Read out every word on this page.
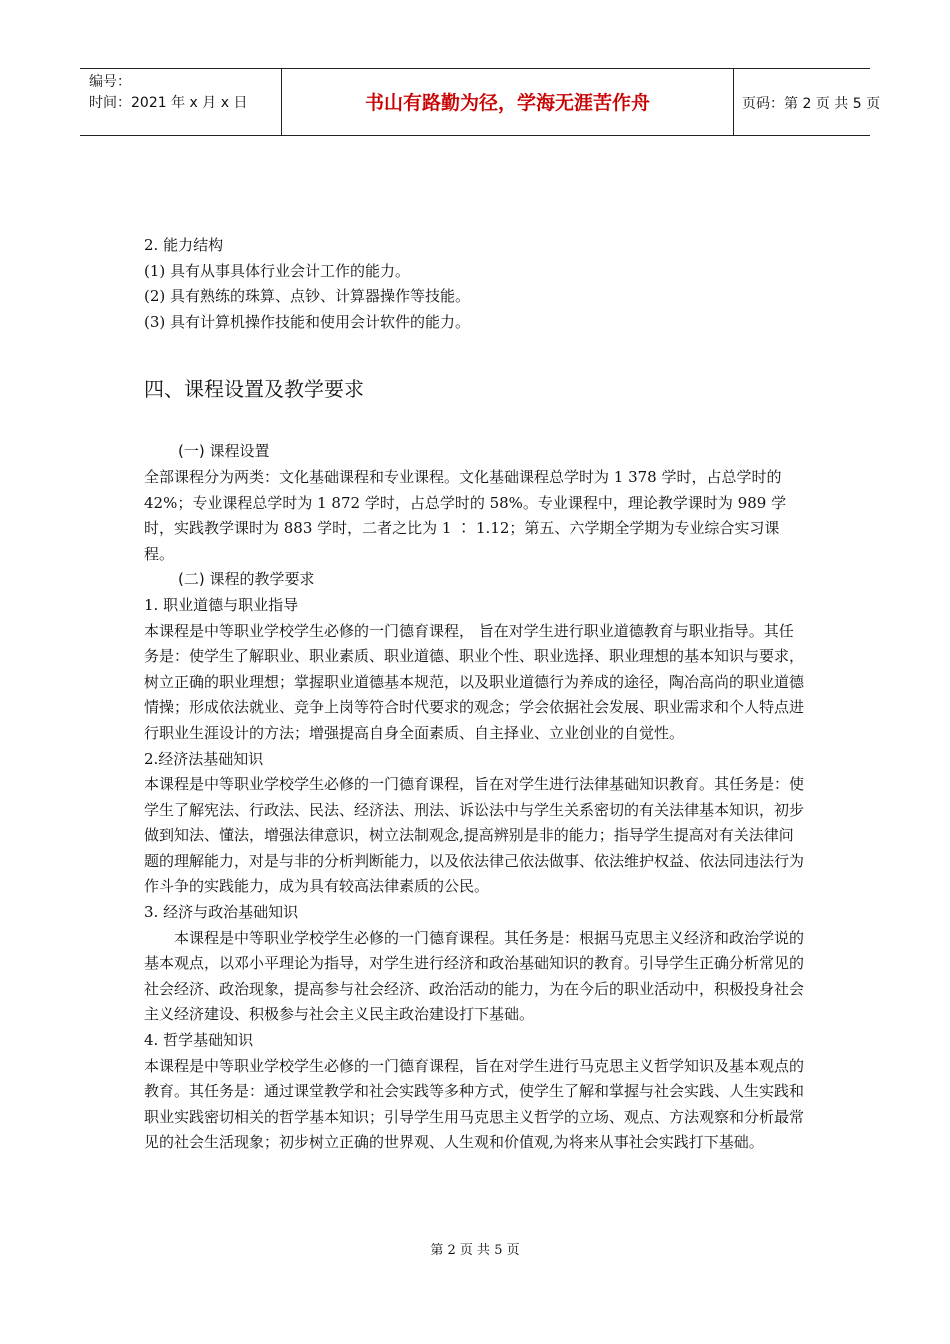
编号：
时间：2021 年 x 月 x 日	书山有路勤为径，学海无涯苦作舟	页码：第 2 页 共 5 页

2. 能力结构

(1) 具有从事具体行业会计工作的能力。

(2) 具有熟练的珠算、点钞、计算器操作等技能。

(3) 具有计算机操作技能和使用会计软件的能力。

四、课程设置及教学要求

(一) 课程设置

全部课程分为两类：文化基础课程和专业课程。文化基础课程总学时为 1 378 学时，占总学时的 42%；专业课程总学时为 1 872 学时，占总学时的 58%。专业课程中，理论教学课时为 989 学时，实践教学课时为 883 学时，二者之比为 1 ∶ 1.12；第五、六学期全学期为专业综合实习课程。

(二) 课程的教学要求

1. 职业道德与职业指导

本课程是中等职业学校学生必修的一门德育课程， 旨在对学生进行职业道德教育与职业指导。其任务是：使学生了解职业、职业素质、职业道德、职业个性、职业选择、职业理想的基本知识与要求，树立正确的职业理想；掌握职业道德基本规范，以及职业道德行为养成的途径，陶冶高尚的职业道德情操；形成依法就业、竞争上岗等符合时代要求的观念；学会依据社会发展、职业需求和个人特点进行职业生涯设计的方法；增强提高自身全面素质、自主择业、立业创业的自觉性。

2.经济法基础知识

本课程是中等职业学校学生必修的一门德育课程，旨在对学生进行法律基础知识教育。其任务是：使学生了解宪法、行政法、民法、经济法、刑法、诉讼法中与学生关系密切的有关法律基本知识，初步做到知法、懂法，增强法律意识，树立法制观念,提高辨别是非的能力；指导学生提高对有关法律问题的理解能力，对是与非的分析判断能力，以及依法律己依法做事、依法维护权益、依法同违法行为作斗争的实践能力，成为具有较高法律素质的公民。

3. 经济与政治基础知识

本课程是中等职业学校学生必修的一门德育课程。其任务是：根据马克思主义经济和政治学说的基本观点，以邓小平理论为指导，对学生进行经济和政治基础知识的教育。引导学生正确分析常见的社会经济、政治现象，提高参与社会经济、政治活动的能力，为在今后的职业活动中，积极投身社会主义经济建设、积极参与社会主义民主政治建设打下基础。

4. 哲学基础知识

本课程是中等职业学校学生必修的一门德育课程，旨在对学生进行马克思主义哲学知识及基本观点的教育。其任务是：通过课堂教学和社会实践等多种方式，使学生了解和掌握与社会实践、人生实践和职业实践密切相关的哲学基本知识；引导学生用马克思主义哲学的立场、观点、方法观察和分析最常见的社会生活现象；初步树立正确的世界观、人生观和价值观,为将来从事社会实践打下基础。

第 2 页 共 5 页
